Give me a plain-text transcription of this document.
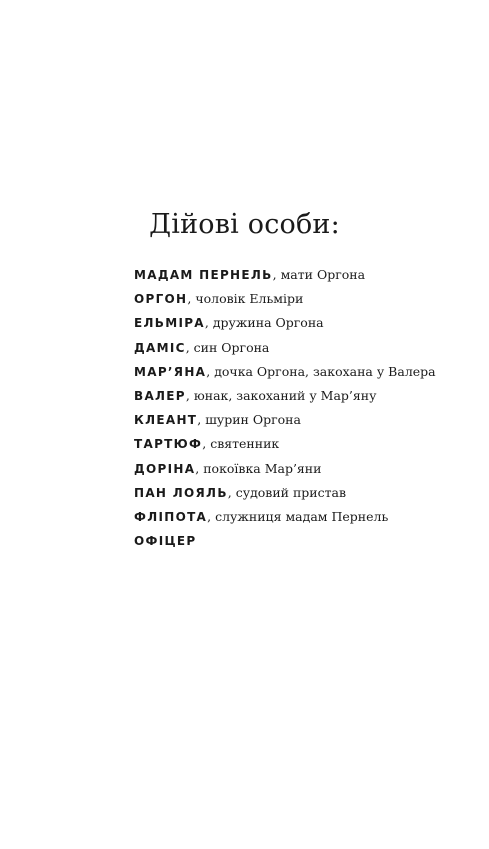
Дійові особи:
МАДАМ ПЕРНЕЛЬ, мати Оргона
ОРГОН, чоловік Ельміри
ЕЛЬМІРА, дружина Оргона
ДАМІС, син Оргона
МАР’ЯНА, дочка Оргона, закохана у Валера
ВАЛЕР, юнак, закоханий у Мар’яну
КЛЕАНТ, шурин Оргона
ТАРТЮФ, святенник
ДОРІНА, покоївка Мар’яни
ПАН ЛОЯЛЬ, судовий пристав
ФЛІПОТА, служниця мадам Пернель
ОФІЦЕР
